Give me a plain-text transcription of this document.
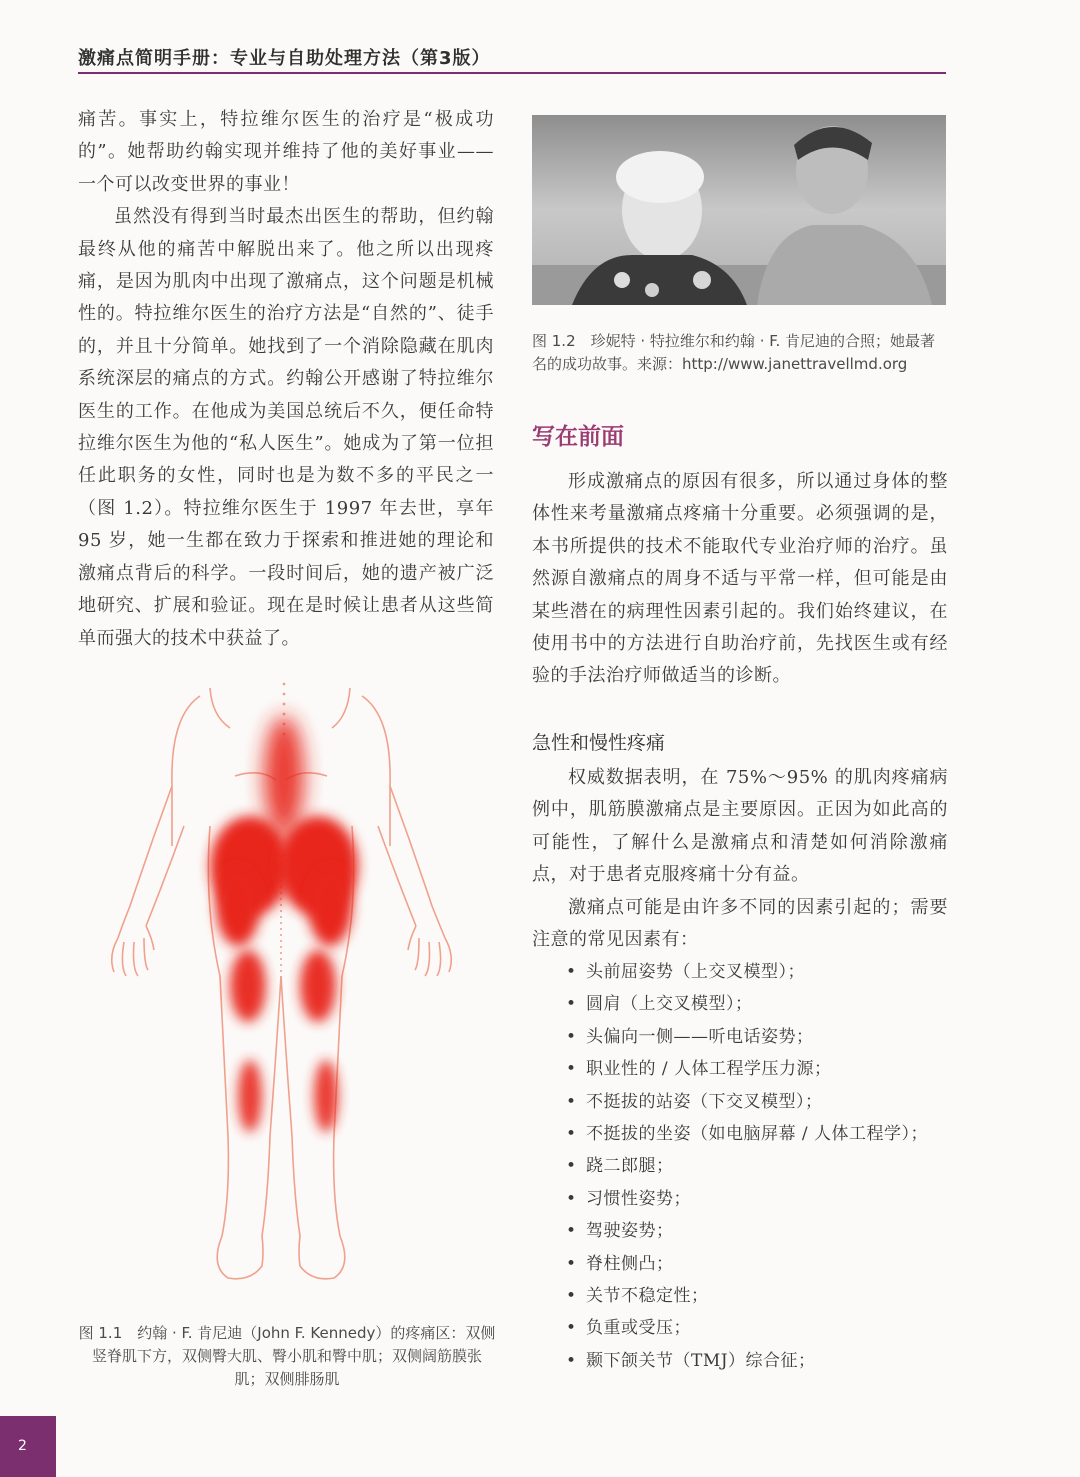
激痛点简明手册：专业与自助处理方法（第3版）

痛苦。事实上，特拉维尔医生的治疗是“极成功的”。她帮助约翰实现并维持了他的美好事业——一个可以改变世界的事业！

虽然没有得到当时最杰出医生的帮助，但约翰最终从他的痛苦中解脱出来了。他之所以出现疼痛，是因为肌肉中出现了激痛点，这个问题是机械性的。特拉维尔医生的治疗方法是“自然的”、徒手的，并且十分简单。她找到了一个消除隐藏在肌肉系统深层的痛点的方式。约翰公开感谢了特拉维尔医生的工作。在他成为美国总统后不久，便任命特拉维尔医生为他的“私人医生”。她成为了第一位担任此职务的女性，同时也是为数不多的平民之一（图 1.2）。特拉维尔医生于 1997 年去世，享年 95 岁，她一生都在致力于探索和推进她的理论和激痛点背后的科学。一段时间后，她的遗产被广泛地研究、扩展和验证。现在是时候让患者从这些简单而强大的技术中获益了。

图 1.2　珍妮特 · 特拉维尔和约翰 · F. 肯尼迪的合照；她最著名的成功故事。来源：http://www.janettravellmd.org
写在前面

形成激痛点的原因有很多，所以通过身体的整体性来考量激痛点疼痛十分重要。必须强调的是，本书所提供的技术不能取代专业治疗师的治疗。虽然源自激痛点的周身不适与平常一样，但可能是由某些潜在的病理性因素引起的。我们始终建议，在使用书中的方法进行自助治疗前，先找医生或有经验的手法治疗师做适当的诊断。

急性和慢性疼痛

权威数据表明，在 75%～95% 的肌肉疼痛病例中，肌筋膜激痛点是主要原因。正因为如此高的可能性，了解什么是激痛点和清楚如何消除激痛点，对于患者克服疼痛十分有益。

激痛点可能是由许多不同的因素引起的；需要注意的常见因素有：

• 头前屈姿势（上交叉模型）；
• 圆肩（上交叉模型）；
• 头偏向一侧——听电话姿势；
• 职业性的 / 人体工程学压力源；
• 不挺拔的站姿（下交叉模型）；
• 不挺拔的坐姿（如电脑屏幕 / 人体工程学）；
• 跷二郎腿；
• 习惯性姿势；
• 驾驶姿势；
• 脊柱侧凸；
• 关节不稳定性；
• 负重或受压；
• 颞下颌关节（TMJ）综合征；
图 1.1　约翰 · F. 肯尼迪（John F. Kennedy）的疼痛区：双侧竖脊肌下方，双侧臀大肌、臀小肌和臀中肌；双侧阔筋膜张肌；双侧腓肠肌
2
